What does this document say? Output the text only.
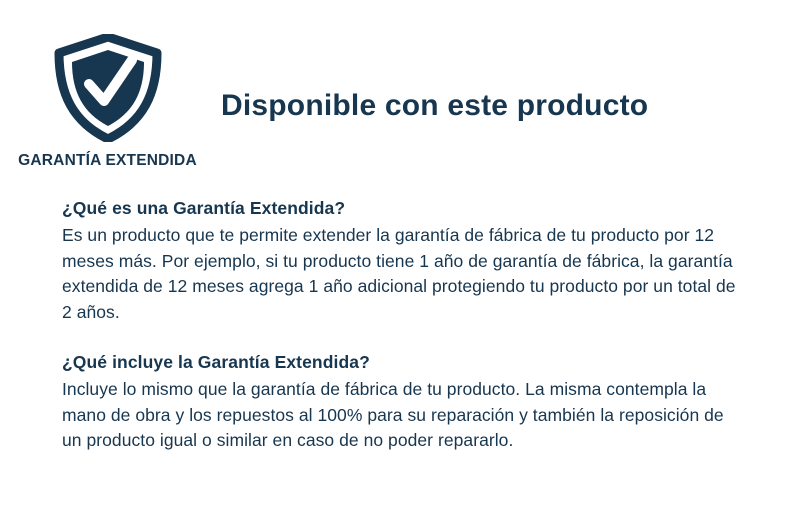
GARANTÍA EXTENDIDA
Disponible con este producto

¿Qué es una Garantía Extendida?

Es un producto que te permite extender la garantía de fábrica de tu producto por 12 meses más. Por ejemplo, si tu producto tiene 1 año de garantía de fábrica, la garantía extendida de 12 meses agrega 1 año adicional protegiendo tu producto por un total de 2 años.

¿Qué incluye la Garantía Extendida?

Incluye lo mismo que la garantía de fábrica de tu producto. La misma contempla la mano de obra y los repuestos al 100% para su reparación y también la reposición de un producto igual o similar en caso de no poder repararlo.
